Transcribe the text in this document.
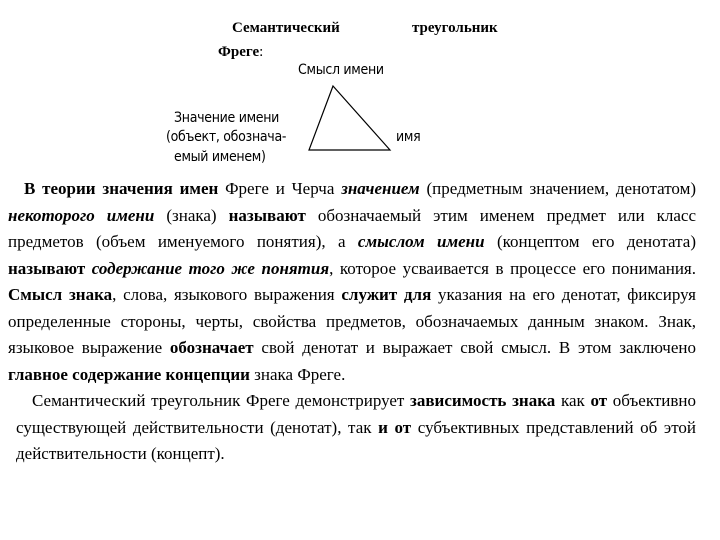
Семантический	треугольник
Фреге:
Смысл имени
Значение имени
(объект, обознача-
емый именем)
имя

В теории значения имен Фреге и Черча значением (предметным значением, денотатом) некоторого имени (знака) называют обозначаемый этим именем предмет или класс предметов (объем именуемого понятия), а смыслом имени (концептом его денотата) называют содержание того же понятия, которое усваивается в процессе его понимания. Смысл знака, слова, языкового выражения служит для указания на его денотат, фиксируя определенные стороны, черты, свойства предметов, обозначаемых данным знаком. Знак, языковое выражение обозначает свой денотат и выражает свой смысл. В этом заключено главное содержание концепции знака Фреге.

Семантический треугольник Фреге демонстрирует зависимость знака как от объективно существующей действительности (денотат), так и от субъективных представлений об этой действительности (концепт).
